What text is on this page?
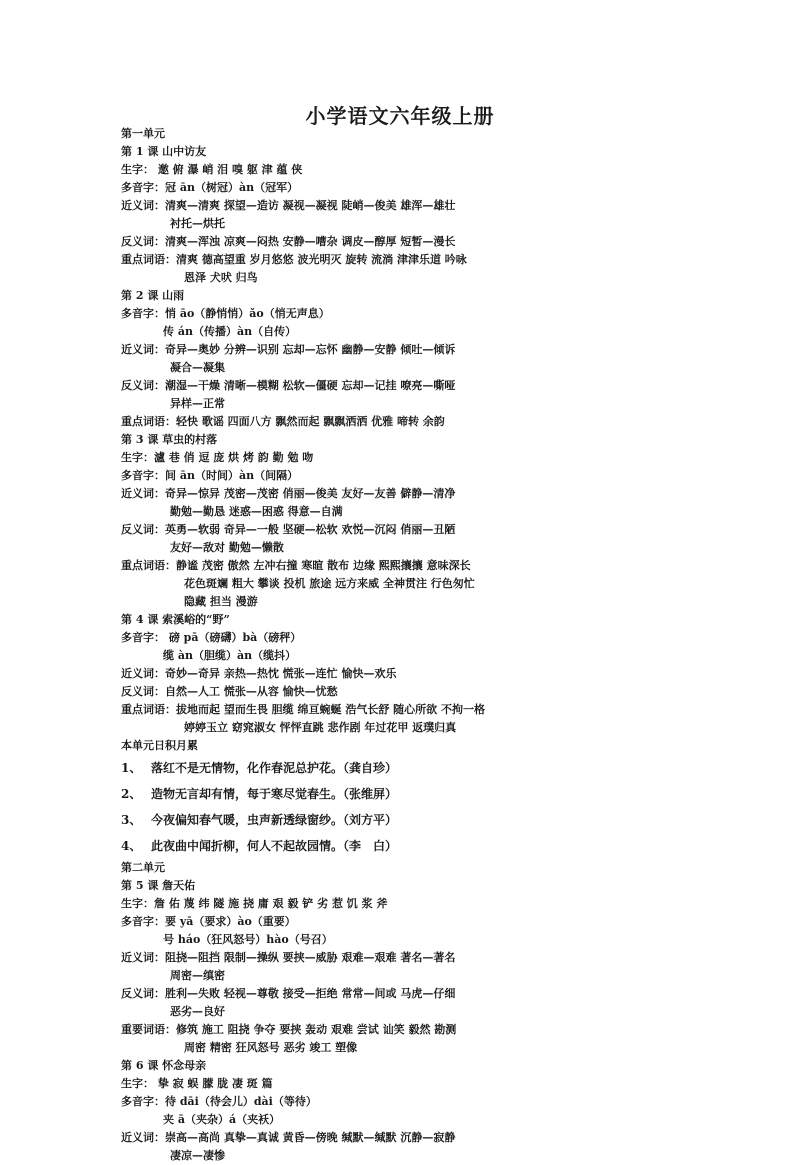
小学语文六年级上册
第一单元
第 1 课 山中访友
生字： 邀 俯 瀑 峭 泪 嗅 躯 津 蕴 侠
多音字：冠 ān（树冠）àn（冠军）
近义词：清爽—清爽 探望—造访 凝视—凝视 陡峭—俊美 雄浑—雄壮
衬托—烘托
反义词：清爽—浑浊 凉爽—闷热 安静—嘈杂 调皮—醇厚 短暂—漫长
重点词语：清爽 德高望重 岁月悠悠 波光明灭 旋转 流淌 津津乐道 吟咏
恩泽 犬吠 归鸟
第 2 课 山雨
多音字：悄 āo（静悄悄）ǎo（悄无声息）
传 án（传播）àn（自传）
近义词：奇异—奥妙 分辨—识别 忘却—忘怀 幽静—安静 倾吐—倾诉
凝合—凝集
反义词：潮湿—干燥 清晰—模糊 松软—僵硬 忘却—记挂 嘹亮—嘶哑
异样—正常
重点词语：轻快 歌谣 四面八方 飘然而起 飘飘洒洒 优雅 啼转 余韵
第 3 课 草虫的村落
生字：瀘 巷 俏 逗 庞 烘 烤 韵 勤 勉 吻
多音字：间 ān（时间）àn（间隔）
近义词：奇异—惊异 茂密—茂密 俏丽—俊美 友好—友善 僻静—清净
勤勉—勤恳 迷惑—困惑 得意—自满
反义词：英勇—软弱 奇异—一般 坚硬—松软 欢悦—沉闷 俏丽—丑陋
友好—敌对 勤勉—懒散
重点词语：静谧 茂密 傲然 左冲右撞 寒暄 散布 边缘 熙熙攘攘 意味深长
花色斑斓 粗大 攀谈 投机 旅途 远方来威 全神贯注 行色匆忙
隐藏 担当 漫游
第 4 课 索溪峪的“野”
多音字： 磅 pā（磅礴）bà（磅秤）
缆 àn（胆缆）àn（缆抖）
近义词：奇妙—奇异 亲热—热忱 慌张—连忙 愉快—欢乐
反义词：自然—人工 慌张—从容 愉快—忧愁
重点词语：拔地而起 望而生畏 胆缆 绵亘蜿蜒 浩气长舒 随心所欲 不拘一格
婷婷玉立 窈窕淑女 怦怦直跳 悲作剧 年过花甲 返璞归真
本单元日积月累
1、 落红不是无情物，化作春泥总护花。（龚自珍）
2、 造物无言却有情，每于寒尽觉春生。（张维屏）
3、 今夜偏知春气暖，虫声新透绿窗纱。（刘方平）
4、 此夜曲中闻折柳，何人不起故园情。（李　白）
第二单元
第 5 课 詹天佑
生字：詹 佑 蔑 纬 隧 施 挠 庸 艰 毅 铲 劣 惹 饥 浆 斧
多音字：要 yā（要求）ào（重要）
号 háo（狂风怒号）hào（号召）
近义词：阻挠—阻挡 限制—操纵 要挟—威胁 艰难—艰难 著名—著名
周密—缜密
反义词：胜利—失败 轻视—尊敬 接受—拒绝 常常—间或 马虎—仔细
恶劣—良好
重要词语：修筑 施工 阻挠 争夺 要挟 轰动 艰难 尝试 讪笑 毅然 勘测
周密 精密 狂风怒号 恶劣 竣工 塑像
第 6 课 怀念母亲
生字： 挚 寂 蜈 朦 胧 凄 斑 篇
多音字：待 dāi（待会儿）dài（等待）
夹 ā（夹杂）á（夹袄）
近义词：崇高—高尚 真挚—真诚 黄昏—傍晚 缄默—缄默 沉静—寂静
凄凉—凄惨
